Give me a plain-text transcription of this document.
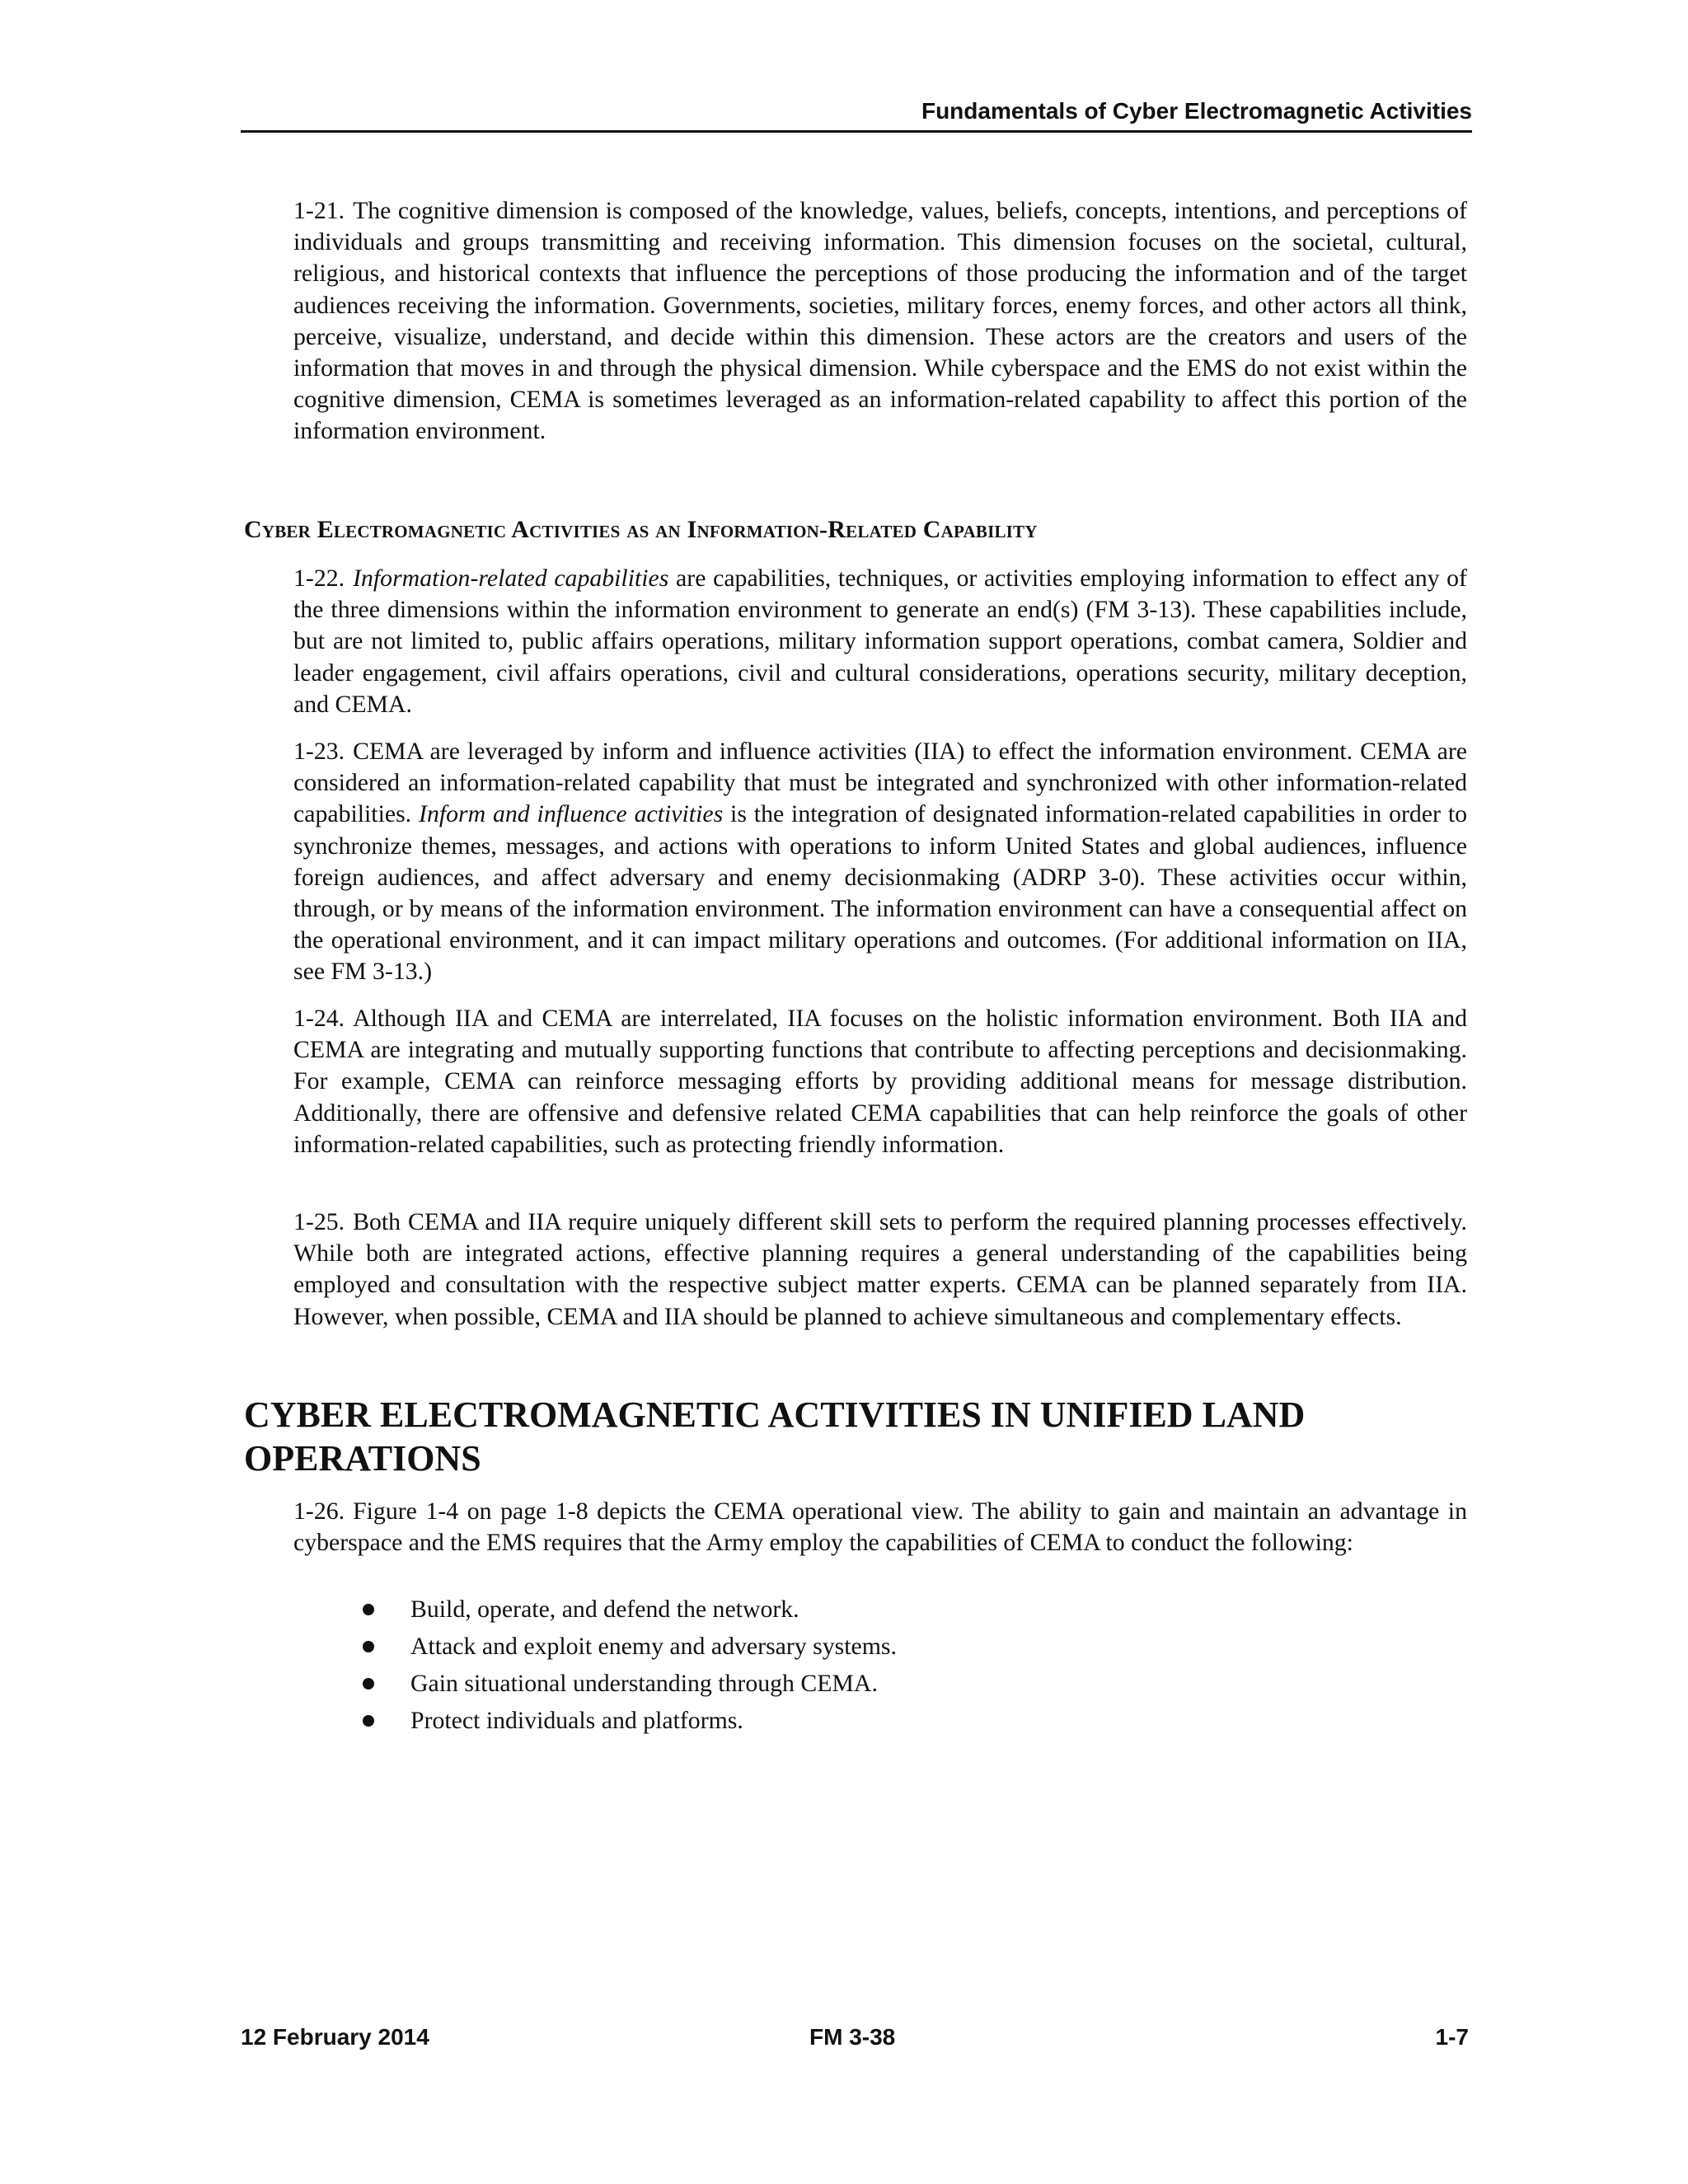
Fundamentals of Cyber Electromagnetic Activities

1-21. The cognitive dimension is composed of the knowledge, values, beliefs, concepts, intentions, and perceptions of individuals and groups transmitting and receiving information. This dimension focuses on the societal, cultural, religious, and historical contexts that influence the perceptions of those producing the information and of the target audiences receiving the information. Governments, societies, military forces, enemy forces, and other actors all think, perceive, visualize, understand, and decide within this dimension. These actors are the creators and users of the information that moves in and through the physical dimension. While cyberspace and the EMS do not exist within the cognitive dimension, CEMA is sometimes leveraged as an information-related capability to affect this portion of the information environment.

Cyber Electromagnetic Activities as an Information-Related Capability

1-22. Information-related capabilities are capabilities, techniques, or activities employing information to effect any of the three dimensions within the information environment to generate an end(s) (FM 3-13). These capabilities include, but are not limited to, public affairs operations, military information support operations, combat camera, Soldier and leader engagement, civil affairs operations, civil and cultural considerations, operations security, military deception, and CEMA.

1-23. CEMA are leveraged by inform and influence activities (IIA) to effect the information environment. CEMA are considered an information-related capability that must be integrated and synchronized with other information-related capabilities. Inform and influence activities is the integration of designated information-related capabilities in order to synchronize themes, messages, and actions with operations to inform United States and global audiences, influence foreign audiences, and affect adversary and enemy decisionmaking (ADRP 3-0). These activities occur within, through, or by means of the information environment. The information environment can have a consequential affect on the operational environment, and it can impact military operations and outcomes. (For additional information on IIA, see FM 3-13.)

1-24. Although IIA and CEMA are interrelated, IIA focuses on the holistic information environment. Both IIA and CEMA are integrating and mutually supporting functions that contribute to affecting perceptions and decisionmaking. For example, CEMA can reinforce messaging efforts by providing additional means for message distribution. Additionally, there are offensive and defensive related CEMA capabilities that can help reinforce the goals of other information-related capabilities, such as protecting friendly information.

1-25. Both CEMA and IIA require uniquely different skill sets to perform the required planning processes effectively. While both are integrated actions, effective planning requires a general understanding of the capabilities being employed and consultation with the respective subject matter experts. CEMA can be planned separately from IIA. However, when possible, CEMA and IIA should be planned to achieve simultaneous and complementary effects.

CYBER ELECTROMAGNETIC ACTIVITIES IN UNIFIED LAND OPERATIONS

1-26. Figure 1-4 on page 1-8 depicts the CEMA operational view. The ability to gain and maintain an advantage in cyberspace and the EMS requires that the Army employ the capabilities of CEMA to conduct the following:

Build, operate, and defend the network.
Attack and exploit enemy and adversary systems.
Gain situational understanding through CEMA.
Protect individuals and platforms.
12 February 2014	FM 3-38	1-7
